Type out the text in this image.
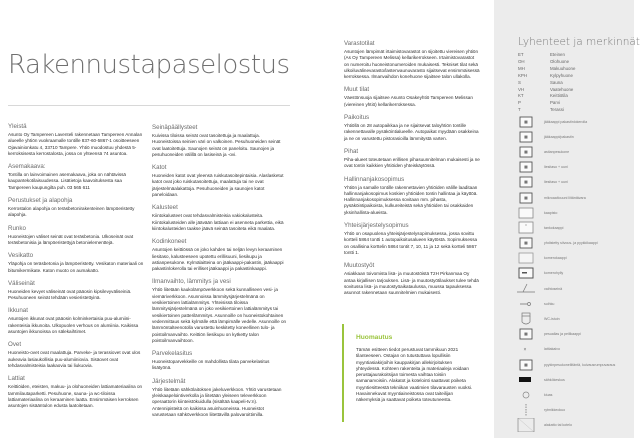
Rakennustapaselostus
Yleistä

Asunto Oy Tampereen Laventeli rakennetaan Tampereen Annalan alueelle yhtiön vuokraamalle tontille 837-60-5867-1 osoitteeseen Ojavainionkatu 4, 33710 Tampere. Yhtiö muodostuu yhdestä 5-kerroksisesta kerrostalosta, jossa on yhteensä 74 asuntoa.

Asemakaava:

Tontilla on lainvoimainen asemakaava, joka on nähtävissä kaupantekotilaisuudessa. Lisätietoja kaavoituksesta saa Tampereen kaupungilta puh. 03 565 611

Perustukset ja alapohja

Kerrostalon alapohja on teräsbetonirakenteinen lämpöeristetty alapohja.

Runko

Huoneistojen väliset seinät ovat teräsbetonia. Ulkoseinät ovat teräsbetonisia ja lämpöeristettyjä betonielementtejä.

Vesikatto

Yläpohja on teräsbetonia ja lämpöeristetty. Vesikaton materiaali on bitumikermikate. Katon muoto on aumakatto.

Väliseinät

Huoneiden kevyet väliseinät ovat pääosin kipsilevyväliseiniä. Pesuhuoneen seinät tehdään vesieristettyinä.

Ikkunat

Asuntojen ikkunat ovat pääosin kolminkertaisia puu-alumiini-rakenteisia ikkunoita. Ulkopuolen verhous on alumiinia. Kaikissa asuntojen ikkunoissa on sälekaihtimet.

Ovet

Huoneisto-ovet ovat maalattuja. Parveke- ja terassiovet ovat ulos aukeavia lasiaukollisia puu-alumiiniovia. Sisäovet ovat tehdasvalmisteisia laakaovia tai liukuovia.

Lattiat

Keittiöiden, eteisten, makuu- ja olohuoneiden lattiamateriaalina on tammilautaparketti. Pesuhuone, sauna- ja wc-tiloissa lattiamateriaalina on keraaminen laatta. Ensimmäisen kerroksen asuntojen sisääntulon edusta laatoitetaan.

Seinäpäällysteet

Kuivissa tiloissa seinät ovat tasoitettuja ja maalattuja. Huoneistoissa seinien väri on valkoinen. Pesuhuoneiden seinät ovat laatoitettuja. Saunojen seinät on paneloitu. Saunojen ja pesuhuoneiden välillä on lasiseinä ja -ovi.

Katot

Huoneiden katot ovat yleensä ruiskutasoitepintaisia. Alaslasketut katot ovat joko ruiskutasoitettuja, maalattuja tai ne ovat järjestelmäalakattoja. Pesuhuoneiden ja saunojen katot paneloidaan.

Kalusteet

Kiintokalusteet ovat tehdasvalmisteisia vakiokalusteita. Kiintokalusteiden alle jäävään lattiaan ei asenneta parkettia, eikä kiintokalusteiden taakse jäävä seinää tasoiteta eikä maalata.

Kodinkoneet

Asuntojen keittiössä on joko kahden tai neljän levyn keraaminen liesitaso, kalusteeseen upotettu erillisuuni, liesikupu ja astianpesukone. Kylmälaitteina on jääkaappi-pakastin, jääkaappi pakastinlokerolla tai erilliset jääkaappi ja pakastinkaappi.

Ilmanvaihto, lämmitys ja vesi

Yhtiö liitetään kaukolämpöverkkoon sekä kunnalliseen vesi- ja viemäriverkkoon. Asunnoissa lämmitysjärjestelmänä on vesikiertoinen lattialämmitys. Yhteisissä tiloissa lämmitysjärjestelmänä on joko vesikiertoinen lattialämmitys tai vesikiertoinen patterilämmitys. Asunnoille on huoneistokohtainen vedenmittaus sekä kylmälle että lämpimälle vedelle. Asunnoille on lämmöntalteenotolla varustettu keskitetty koneellinen tulo- ja poistoilmanvaihto. Keittiön liesikupu on kytketty talon poistoilmanvaihtoon.

Parvekelasitus

Huoneistoparvekkeille on mahdollista tilata parvekelasitus lisätyönä.

Järjestelmät

Yhtiö liitetään sähkölaitoksen jakeluverkkoon. Yhtiö varustetaan yleiskaapelointiverkolla ja liitetään yleiseen televerkkoon operaattorin kiinteistökuidulla (sisältää kaapeli-tv:n). Antennipisteitä on kaikissa asuinhuoneissa. Huoneistot varustetaan sähköverkkoon liitettävillä palovaroittimilla.

Varastotilat

Asuntojen lämpimät irtaimistovarastot on sijoitettu viereisen yhtiön (As Oy Tampereen Melissa) kellarikerrokseen. Irtaimistovarastot on numeroitu huoneistonumeroiden mukaisesti. Tekniset tilat sekä ulkoiluvälinevarasto/lastenvaunuvarasto sijaitsevat ensimmäisessä kerroksessa. Ilmanvaihdon konehuone sijaitsee talon ullakolla.

Muut tilat

Väestönsuoja sijaitsee Asunto Osakeyhtiö Tampereen Melissan (viereinen yhtiö) kellarikerroksessa.

Paikoitus

Yhtiöllä on 28 autopaikkaa ja ne sijaitsevat taloyhtiön tontille rakennettavalle pysäköintialueelle. Autopaikat myydään osakkeina ja ne on varustettu pistorasioilla lämmitystä varten.

Pihat

Piha-alueet toteutetaan erillisen pihasuunnitelman mukaisesti ja ne ovat tontin kaikkien yhtiöiden yhteiskäytössä.

Hallinnanjakosopimus

Yhtiön ja samalle tontille rakennettavien yhtiöiden välille laaditaan hallinnanjakosopimus koskien yhtiöiden tontin hallintaa ja käyttöä. Hallinnanjakosopimuksessa sovitaan mm. pihasta, pysäköintipaikoista, kulkureiteistä sekä yhtiöiden tai osakkaiden yksinhallinta-alueista.

Yhteisjärjestelysopimus

Yhtiö on osapuolena yhteisjärjestelysopimuksessa, jossa sovittu kortteli 5864 tontti 1 autopaikoitusalueen käytöstä. Sopimuksessa on osallisina korttelin 5864 tontit 7, 10, 11 ja 12 sekä kortteli 5867 tontti 1.

Muutostyöt

Asiakkaan toivomista lisä- ja muutostöistä T2H Pirkanmaa Oy antaa kirjallisen tarjouksen. Lisä- ja muutostyötilaukset tulee tehdä sovitussa lisä- ja muutostyöaikataulussa, muussa tapauksessa asunnot rakennetaan suunnitelmien mukaisesti.

Huomautus

Tämän esitteen tiedot perustuvat tammikuun 2021 tilanteeseen. Ostajan on tutustuttava lopullisiin myyntiasiakirjoihin kauppakirjan allekirjoituksen yhteydessä. Kohteen rakenteita ja materiaaleja voidaan perustajaurakoitsijan toimesta vaihtaa toisiin samanarvoisiin. Alakatot ja kotelointi saattavat poiketa myyntiesitteestä tekniikan vaatimien tilavarausten vuoksi. Havainnekuvat myyntiaineistossa ovat taiteilijan näkemyksiä ja saattavat poiketa toteutuneesta.

Lyhenteet ja merkinnät
ET	Eteinen
OH	Olohuone
MH	Makuuhuone
KPH	Kylpyhuone
S	Sauna
VH	Vaatehuone
KT	Keittiötila
P	Parvi
T	Terassi
▦	jääkaappi pakastinlokerolla
▦	jääkaappi/pakastin
▦	astianpesukone
▦	liesitaso + uuni
▦	liesitaso + uuni
▦	mikroaaltouuni liitäntävara
kaapisto
tankokaappi
▦	yhdistetty siivous- ja pyykkikaappi
komerokaappi
komerohylly
vaihtoseinä
suihku
WC-istuin
▦	pesuallas ja peilikaappi
×	lattiakaivo
▦	pyykinpesukoneliitäntä, kuivausrumpuvaraus
sähkökeskus
kiuas
rytmikkeokuo
alakatto tai kotelo
